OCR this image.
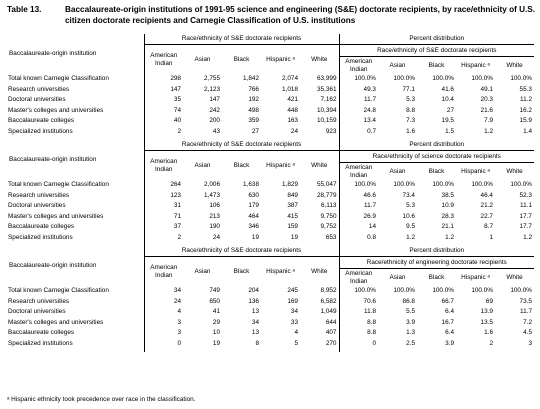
Table 13.	Baccalaureate-origin institutions of 1991-95 science and engineering (S&E) doctorate recipients, by race/ethnicity of U.S. citizen doctorate recipients and Carnegie Classification of U.S. institutions
Baccalaureate-origin institution	Race/ethnicity of S&E doctorate recipients					Percent distribution				
	American Indian	Asian	Black	Hispanic ᵃ	White	Race/ethnicity of S&E doctorate recipients				
						American Indian	Asian	Black	Hispanic ᵃ	White
Total known Carnegie Classification	298	2,755	1,842	2,074	63,999	100.0%	100.0%	100.0%	100.0%	100.0%
Research universities	147	2,123	766	1,018	35,361	49.3	77.1	41.6	49.1	55.3
Doctoral universities	35	147	192	421	7,162	11.7	5.3	10.4	20.3	11.2
Master's colleges and universities	74	242	498	448	10,394	24.8	8.8	27	21.6	16.2
Baccalaureate colleges	40	200	359	163	10,159	13.4	7.3	19.5	7.9	15.9
Specialized institutions	2	43	27	24	923	0.7	1.6	1.5	1.2	1.4

Baccalaureate-origin institution	Race/ethnicity of S&E doctorate recipients					Percent distribution				
	American Indian	Asian	Black	Hispanic ᵃ	White	Race/ethnicity of science doctorate recipients				
						American Indian	Asian	Black	Hispanic ᵃ	White
Total known Carnegie Classification	264	2,006	1,638	1,829	55,047	100.0%	100.0%	100.0%	100.0%	100.0%
Research universities	123	1,473	630	849	28,779	46.6	73.4	38.5	46.4	52.3
Doctoral universities	31	106	179	387	6,113	11.7	5.3	10.9	21.2	11.1
Master's colleges and universities	71	213	464	415	9,750	26.9	10.6	28.3	22.7	17.7
Baccalaureate colleges	37	190	346	159	9,752	14	9.5	21.1	8.7	17.7
Specialized institutions	2	24	19	19	653	0.8	1.2	1.2	1	1.2

Baccalaureate-origin institution	Race/ethnicity of S&E doctorate recipients					Percent distribution				
	American Indian	Asian	Black	Hispanic ᵃ	White	Race/ethnicity of engineering doctorate recipients				
						American Indian	Asian	Black	Hispanic ᵃ	White
Total known Carnegie Classification	34	749	204	245	8,952	100.0%	100.0%	100.0%	100.0%	100.0%
Research universities	24	650	136	169	6,582	70.6	86.8	66.7	69	73.5
Doctoral universities	4	41	13	34	1,049	11.8	5.5	6.4	13.9	11.7
Master's colleges and universities	3	29	34	33	644	8.8	3.9	16.7	13.5	7.2
Baccalaureate colleges	3	10	13	4	407	8.8	1.3	6.4	1.6	4.5
Specialized institutions	0	19	8	5	270	0	2.5	3.9	2	3

ᵃ Hispanic ethnicity took precedence over race in the classification.
